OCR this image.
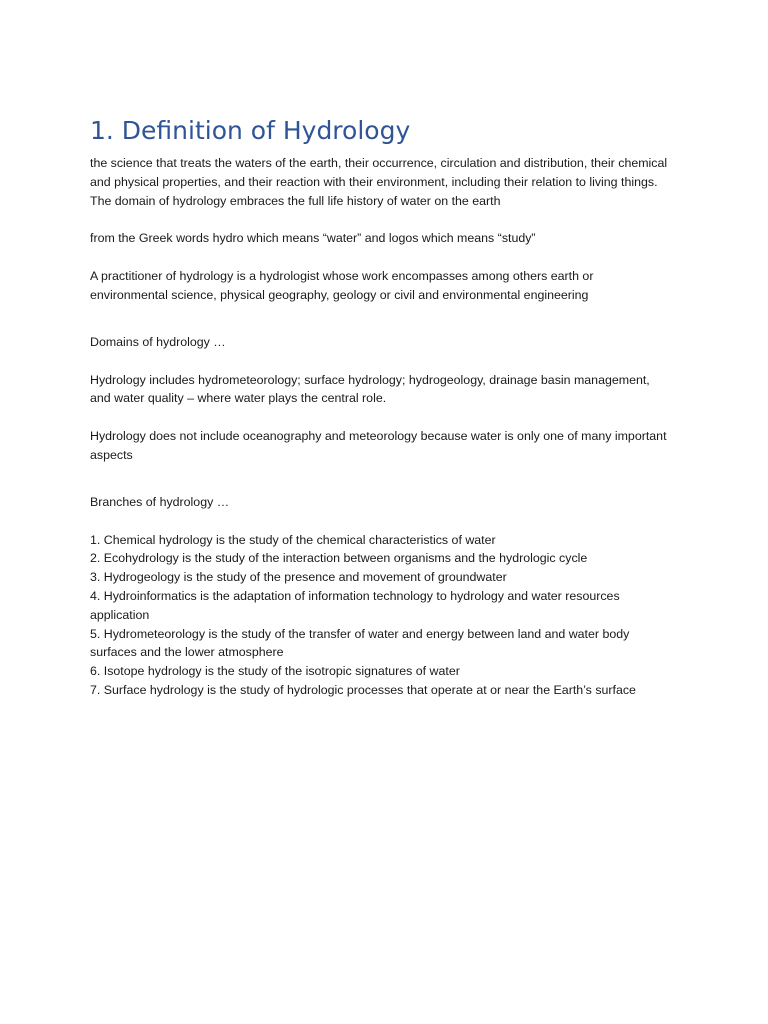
1. Definition of Hydrology

the science that treats the waters of the earth, their occurrence, circulation and distribution, their chemical and physical properties, and their reaction with their environment, including their relation to living things. The domain of hydrology embraces the full life history of water on the earth

from the Greek words hydro which means “water” and logos which means “study”

A practitioner of hydrology is a hydrologist whose work encompasses among others earth or environmental science, physical geography, geology or civil and environmental engineering

Domains of hydrology …

Hydrology includes hydrometeorology; surface hydrology; hydrogeology, drainage basin management, and water quality – where water plays the central role.

Hydrology does not include oceanography and meteorology because water is only one of many important aspects

Branches of hydrology …

1. Chemical hydrology is the study of the chemical characteristics of water
2. Ecohydrology is the study of the interaction between organisms and the hydrologic cycle
3. Hydrogeology is the study of the presence and movement of groundwater
4. Hydroinformatics is the adaptation of information technology to hydrology and water resources application
5. Hydrometeorology is the study of the transfer of water and energy between land and water body surfaces and the lower atmosphere
6. Isotope hydrology is the study of the isotropic signatures of water
7. Surface hydrology is the study of hydrologic processes that operate at or near the Earth’s surface
